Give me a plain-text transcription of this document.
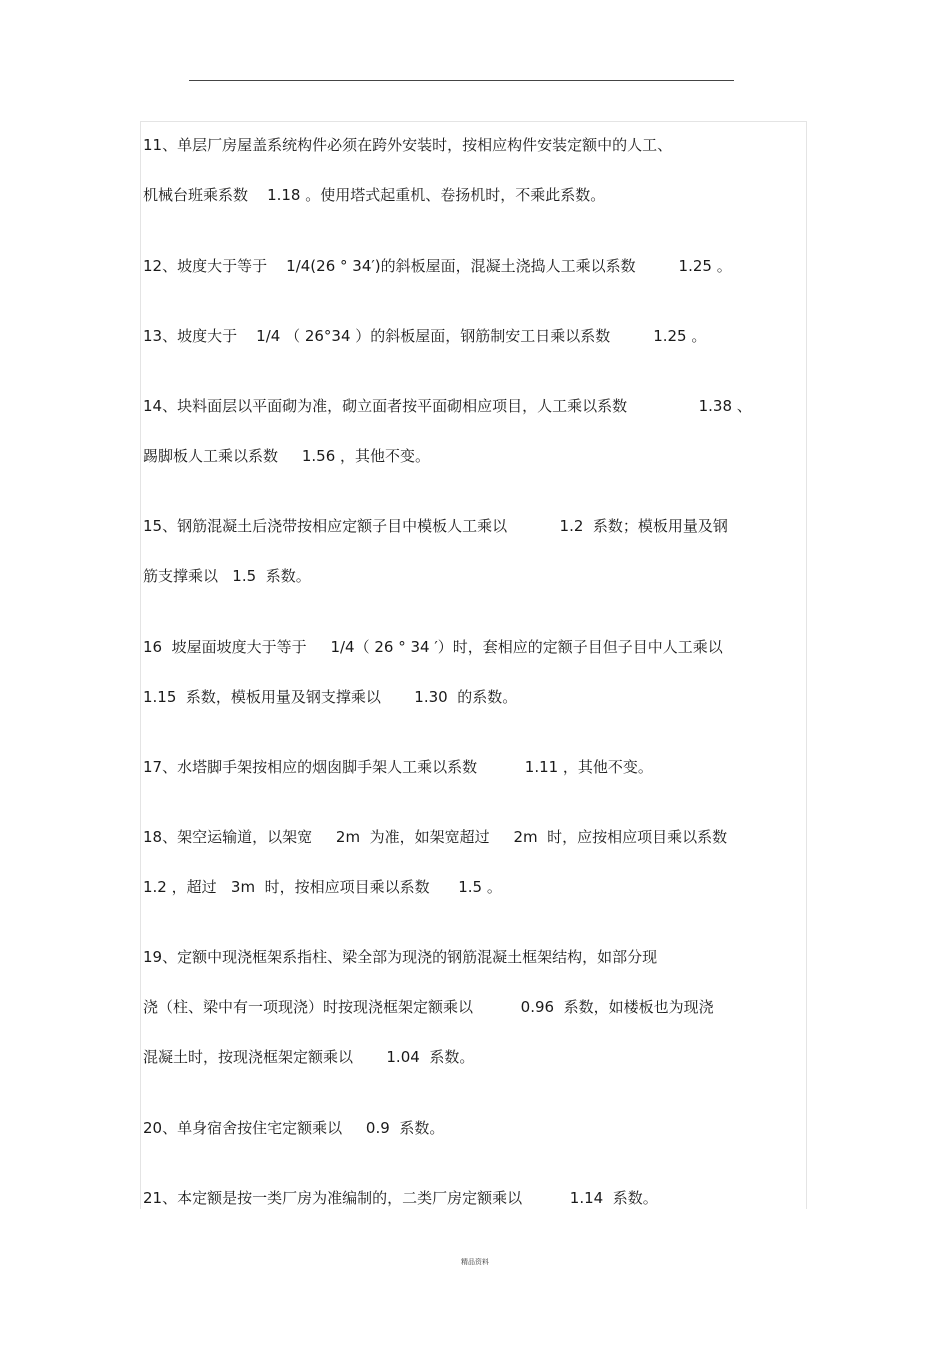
11、单层厂房屋盖系统构件必须在跨外安装时，按相应构件安装定额中的人工、
机械台班乘系数    1.18 。使用塔式起重机、卷扬机时，不乘此系数。
12、坡度大于等于    1/4(26 ° 34′)的斜板屋面，混凝土浇捣人工乘以系数         1.25 。
13、坡度大于    1/4 （ 26°34 ）的斜板屋面，钢筋制安工日乘以系数         1.25 。
14、块料面层以平面砌为准，砌立面者按平面砌相应项目，人工乘以系数               1.38 、
踢脚板人工乘以系数     1.56 ，其他不变。
15、钢筋混凝土后浇带按相应定额子目中模板人工乘以           1.2  系数；模板用量及钢
筋支撑乘以   1.5  系数。
16  坡屋面坡度大于等于     1/4（ 26 ° 34 ′）时，套相应的定额子目但子目中人工乘以
1.15  系数，模板用量及钢支撑乘以       1.30  的系数。
17、水塔脚手架按相应的烟囱脚手架人工乘以系数          1.11 ，其他不变。
18、架空运输道，以架宽     2m  为准，如架宽超过     2m  时，应按相应项目乘以系数
1.2 ，超过   3m  时，按相应项目乘以系数      1.5 。
19、定额中现浇框架系指柱、梁全部为现浇的钢筋混凝土框架结构，如部分现
浇（柱、梁中有一项现浇）时按现浇框架定额乘以          0.96  系数，如楼板也为现浇
混凝土时，按现浇框架定额乘以       1.04  系数。
20、单身宿舍按住宅定额乘以     0.9  系数。
21、本定额是按一类厂房为准编制的，二类厂房定额乘以          1.14  系数。
精品资料
